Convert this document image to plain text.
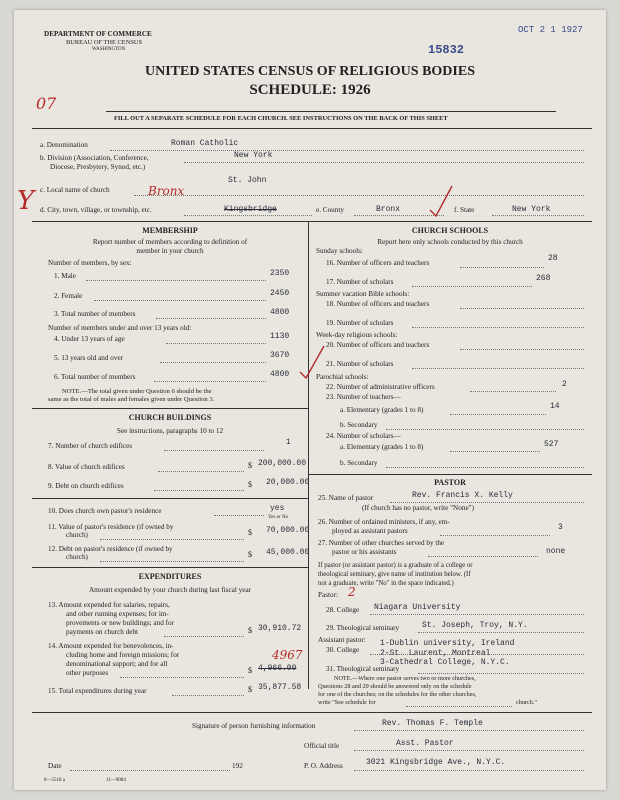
DEPARTMENT OF COMMERCE
BUREAU OF THE CENSUS
WASHINGTON	15832
OCT 2 1 1927
UNITED STATES CENSUS OF RELIGIOUS BODIES
SCHEDULE: 1926
07
FILL OUT A SEPARATE SCHEDULE FOR EACH CHURCH. SEE INSTRUCTIONS ON THE BACK OF THIS SHEET
a. Denomination	Roman Catholic
b. Division (Association, Conference,
Diocese, Presbytery, Synod, etc.)
New York
c. Local name of church
St. John
Bronx
Y d. City, town, village, or township, etc.	Kingsbridge	e. County	Bronx	f. State	New York
MEMBERSHIP
Report number of members according to definition of
member in your church
Number of members, by sex:
1. Male	2350
2. Female	2450
3. Total number of members	4800
Number of members under and over 13 years old:
4. Under 13 years of age	1130
5. 13 years old and over	3670
6. Total number of members	4800
NOTE.—The total given under Question 6 should be the
same as the total of males and females given under Question 3.
CHURCH BUILDINGS
See instructions, paragraphs 10 to 12
7. Number of church edifices	1
8. Value of church edifices	$ 200,000.00
9. Debt on church edifices	$ 20,000.00
10. Does church own pastor's residence	yes
Yes or No
11. Value of pastor's residence (if owned by
church)	$ 70,000.00
12. Debt on pastor's residence (if owned by
church)	$ 45,000.00
EXPENDITURES
Amount expended by your church during last fiscal year
13. Amount expended for salaries, repairs,
and other running expenses; for im-
provements or new buildings; and for
payments on church debt	$ 30,910.72
14. Amount expended for benevolences, in-
cluding home and foreign missions; for
denominational support; and for all
other purposes
4967
$ 4,966.00
15. Total expenditures during year	$ 35,877.58
CHURCH SCHOOLS
Report here only schools conducted by this church
Sunday schools:
16. Number of officers and teachers	28
17. Number of scholars	268
Summer vacation Bible schools:
18. Number of officers and teachers
19. Number of scholars
Week-day religious schools:
20. Number of officers and teachers
21. Number of scholars
Parochial schools:
22. Number of administrative officers	2
23. Number of teachers—
a. Elementary (grades 1 to 8)	14
b. Secondary
24. Number of scholars—
a. Elementary (grades 1 to 8)	527
b. Secondary
PASTOR
25. Name of pastor	Rev. Francis X. Kelly
(If church has no pastor, write "None")
26. Number of ordained ministers, if any, em-
ployed as assistant pastors	3
27. Number of other churches served by the
pastor or his assistants	none
If pastor (or assistant pastor) is a graduate of a college or
theological seminary, give name of institution below. (If
not a graduate, write "No" in the space indicated.)
Pastor: 2
28. College Niagara University
29. Theological seminary	St. Joseph, Troy, N.Y.
Assistant pastor:
30. College
1-Dublin university, Ireland
2-St. Laurent, Montreal
31. Theological seminary
3-Cathedral College, N.Y.C.
NOTE.—Where one pastor serves two or more churches,
Questions 28 and 29 should be answered only on the schedule
for one of the churches; on the schedules for the other churches,
write "See schedule for	church."
Signature of person furnishing information	Rev. Thomas F. Temple
Official title	Asst. Pastor
Date	192	P. O. Address	3021 Kingsbridge Ave., N.Y.C.
8—5518 a	11—9084
